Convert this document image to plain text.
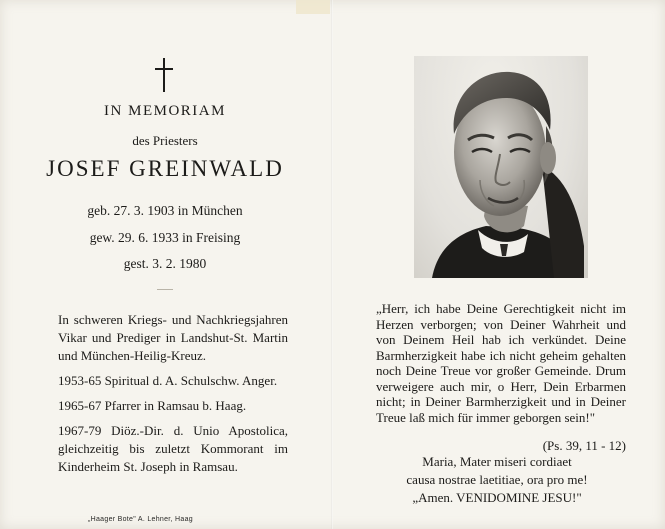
IN MEMORIAM
des Priesters
JOSEF GREINWALD
geb. 27. 3. 1903 in München
gew. 29. 6. 1933 in Freising
gest. 3. 2. 1980

In schweren Kriegs- und Nachkriegsjahren Vikar und Prediger in Landshut-St. Martin und München-Heilig-Kreuz.

1953-65 Spiritual d. A. Schulschw. Anger.

1965-67 Pfarrer in Ramsau b. Haag.

1967-79 Diöz.-Dir. d. Unio Apostolica, gleichzeitig bis zuletzt Kommorant im Kinderheim St. Joseph in Ramsau.

„Haager Bote" A. Lehner, Haag

„Herr, ich habe Deine Gerechtigkeit nicht im Herzen verborgen; von Deiner Wahrheit und von Deinem Heil hab ich verkündet. Deine Barmherzigkeit habe ich nicht geheim gehalten noch Deine Treue vor großer Gemeinde. Drum verweigere auch mir, o Herr, Dein Erbarmen nicht; in Deiner Barmherzigkeit und in Deiner Treue laß mich für immer geborgen sein!"

(Ps. 39, 11 - 12)
Maria, Mater miseri cordiaet
causa nostrae laetitiae, ora pro me!
„Amen. VENIDOMINE JESU!"
